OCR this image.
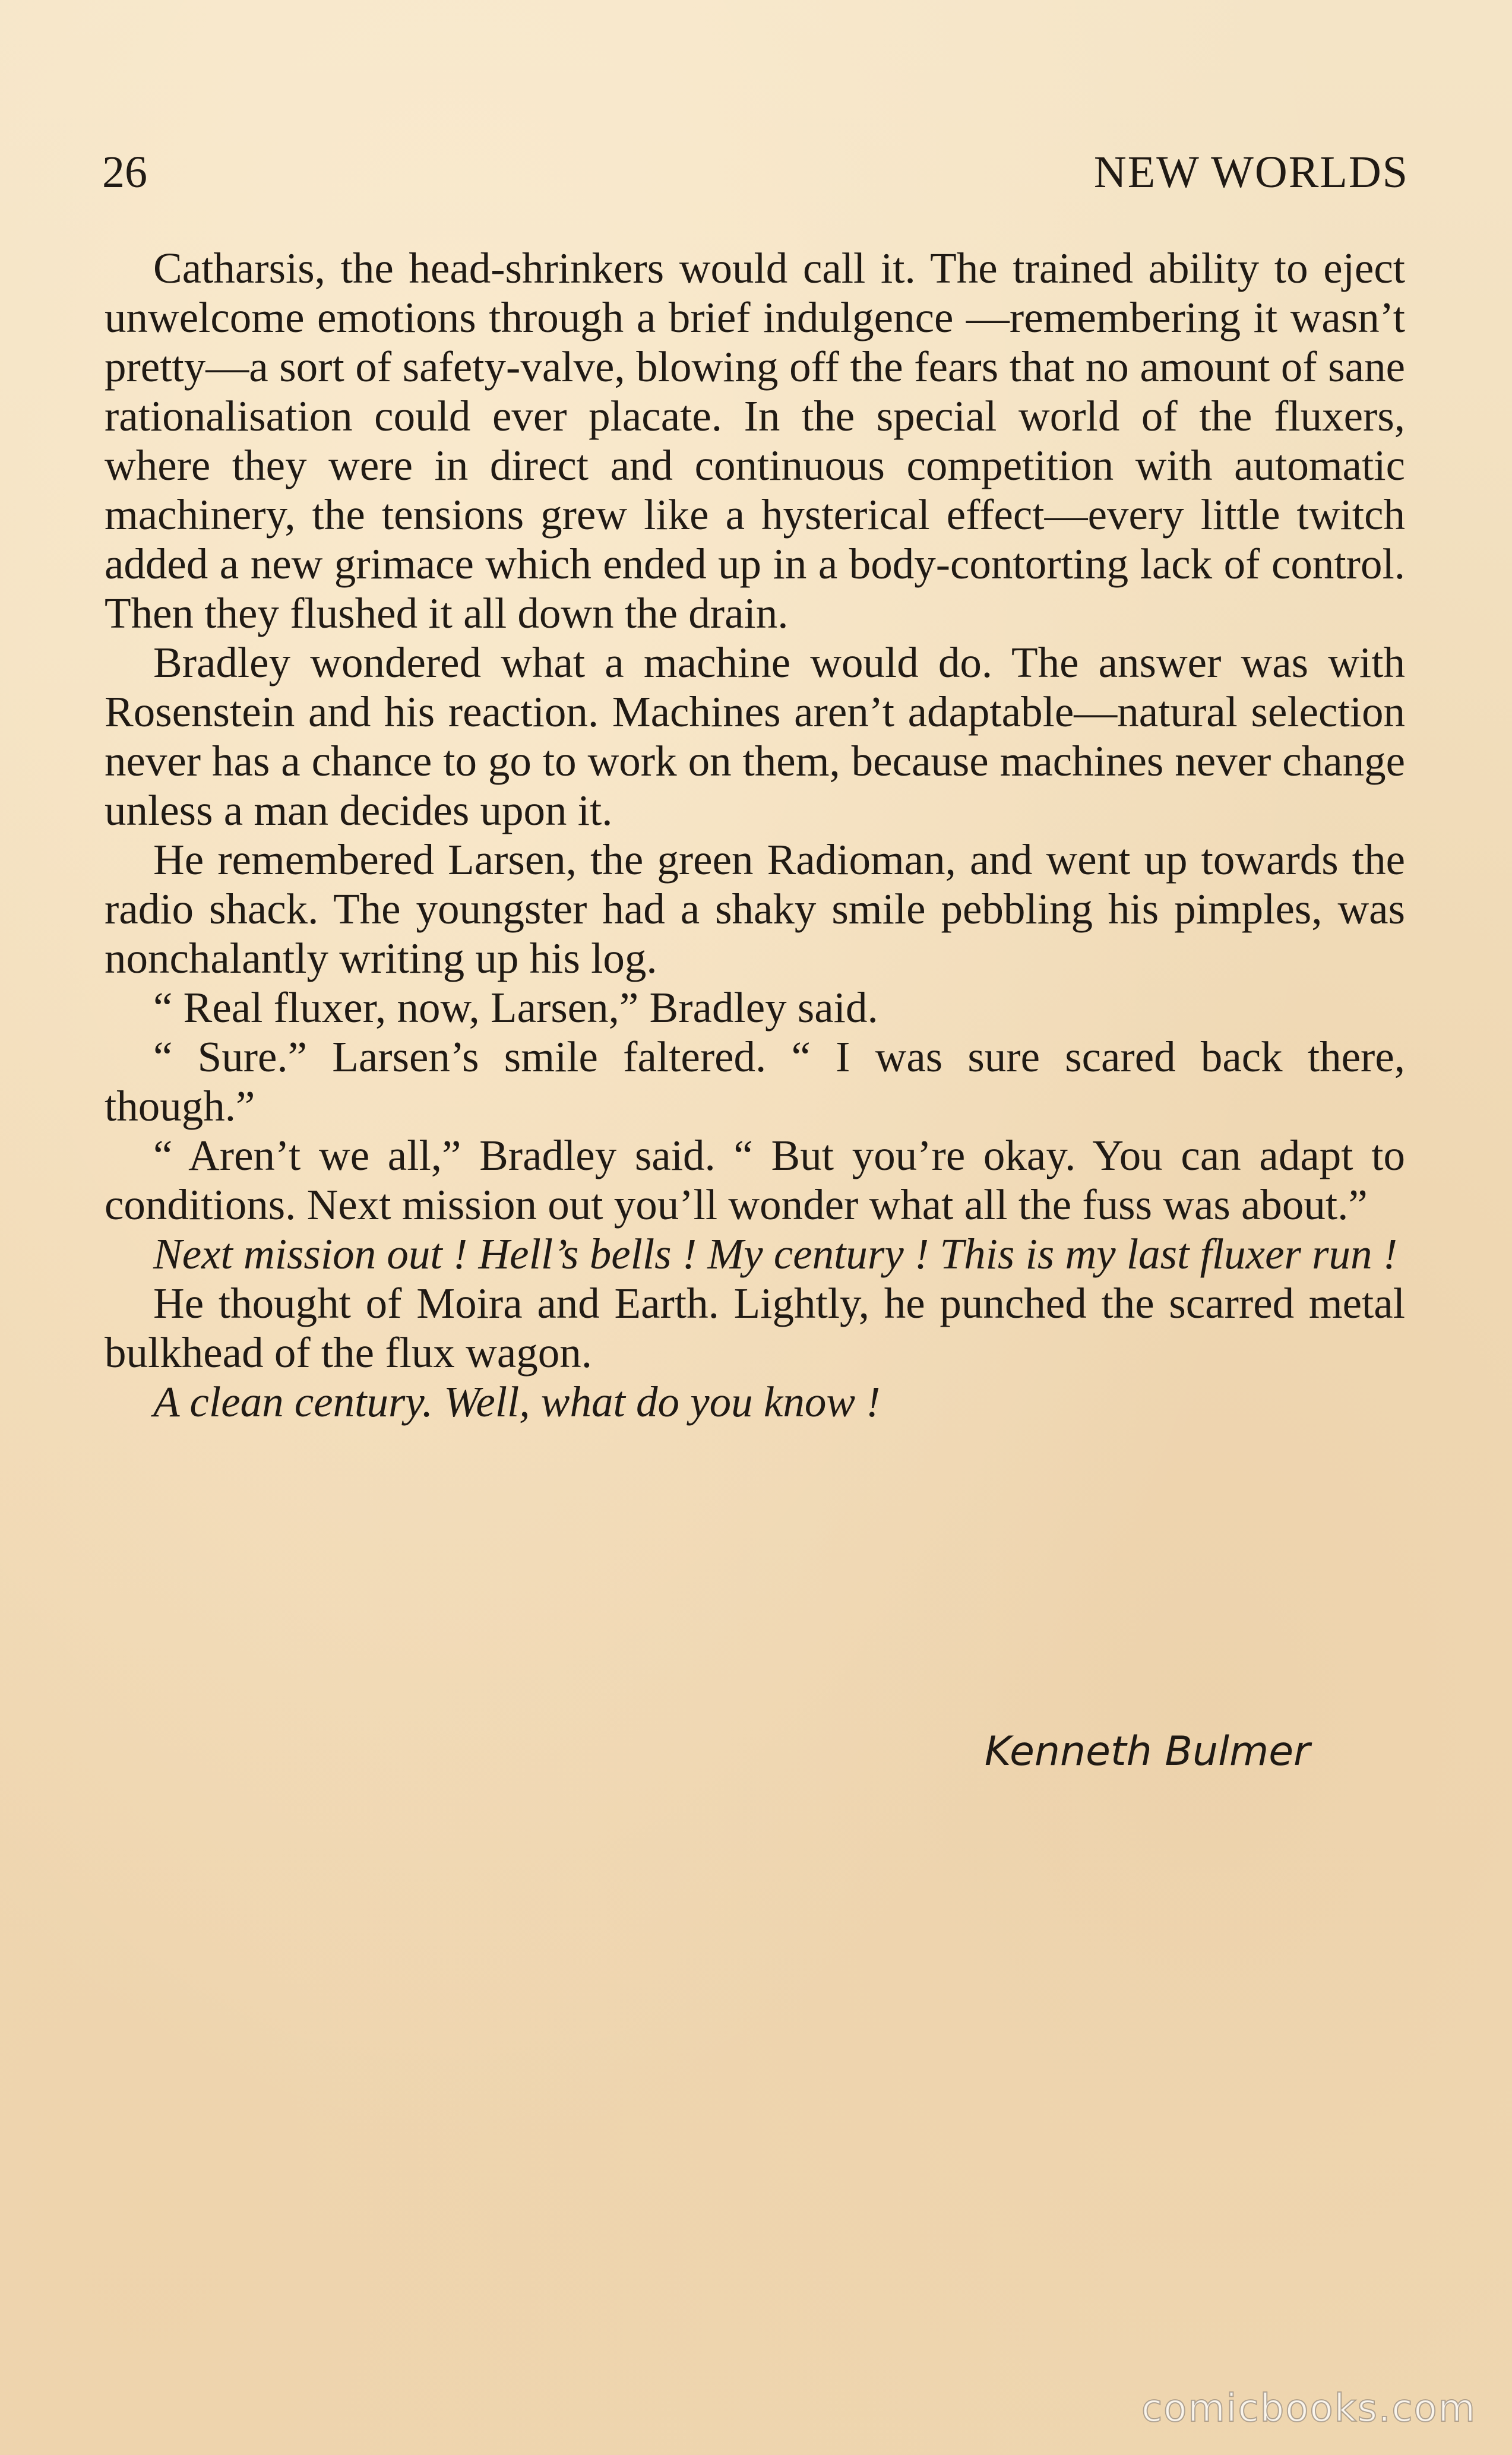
26	NEW WORLDS

Catharsis, the head-shrinkers would call it. The trained ability to eject unwelcome emotions through a brief indulgence —remembering it wasn’t pretty—a sort of safety-valve, blowing off the fears that no amount of sane rationalisation could ever placate. In the special world of the fluxers, where they were in direct and continuous competition with automatic machinery, the tensions grew like a hysterical effect—every little twitch added a new grimace which ended up in a body-contorting lack of control. Then they flushed it all down the drain.

Bradley wondered what a machine would do. The answer was with Rosenstein and his reaction. Machines aren’t adaptable—natural selection never has a chance to go to work on them, because machines never change unless a man decides upon it.

He remembered Larsen, the green Radioman, and went up towards the radio shack. The youngster had a shaky smile pebbling his pimples, was nonchalantly writing up his log.

“ Real fluxer, now, Larsen,” Bradley said.

“ Sure.” Larsen’s smile faltered. “ I was sure scared back there, though.”

“ Aren’t we all,” Bradley said. “ But you’re okay. You can adapt to conditions. Next mission out you’ll wonder what all the fuss was about.”

Next mission out ! Hell’s bells ! My century ! This is my last fluxer run !

He thought of Moira and Earth. Lightly, he punched the scarred metal bulkhead of the flux wagon.

A clean century. Well, what do you know !

Kenneth Bulmer
comicbooks.com
